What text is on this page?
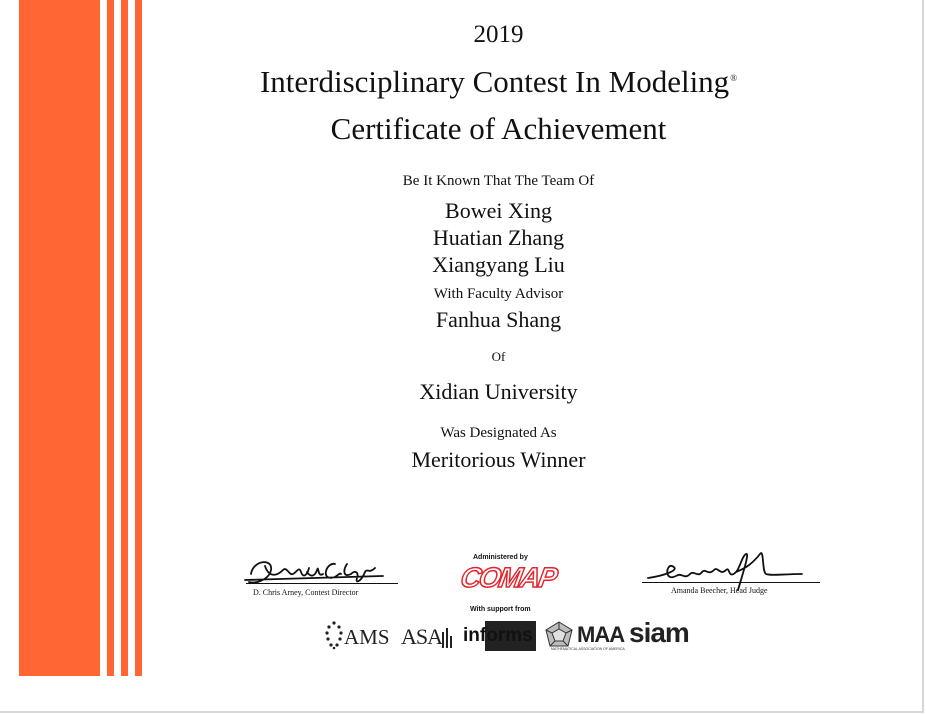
2019
Interdisciplinary Contest In Modeling®
Certificate of Achievement
Be It Known That The Team Of
Bowei Xing
Huatian Zhang
Xiangyang Liu
With Faculty Advisor
Fanhua Shang
Of
Xidian University
Was Designated As
Meritorious Winner
D. Chris Arney, Contest Director	Amanda Beecher, Head Judge
Administered by
COMAP
With support from
AMS ASA informs MAA
MATHEMATICAL ASSOCIATION OF AMERICA
siam
